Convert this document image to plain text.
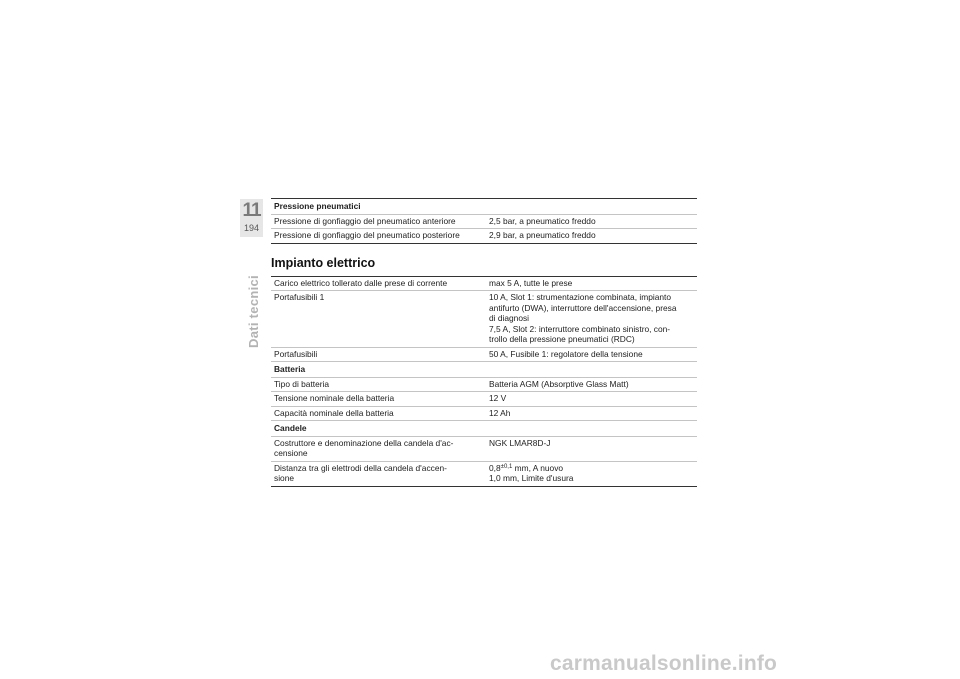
11
194
Dati tecnici
Pressione pneumatici	
Pressione di gonfiaggio del pneumatico anteriore	2,5 bar, a pneumatico freddo
Pressione di gonfiaggio del pneumatico posteriore	2,9 bar, a pneumatico freddo
Impianto elettrico
Carico elettrico tollerato dalle prese di corrente	max 5 A, tutte le prese
Portafusibili 1	10 A, Slot 1: strumentazione combinata, impianto
antifurto (DWA), interruttore dell'accensione, presa
di diagnosi
7,5 A, Slot 2: interruttore combinato sinistro, con-
trollo della pressione pneumatici (RDC)
Portafusibili	50 A, Fusibile 1: regolatore della tensione
Batteria	
Tipo di batteria	Batteria AGM (Absorptive Glass Matt)
Tensione nominale della batteria	12 V
Capacità nominale della batteria	12 Ah
Candele	
Costruttore e denominazione della candela d'ac-
censione	NGK LMAR8D-J
Distanza tra gli elettrodi della candela d'accen-
sione	$0,8^{\pm 0,1}$ mm, A nuovo
1,0 mm, Limite d'usura
carmanualsonline.info
